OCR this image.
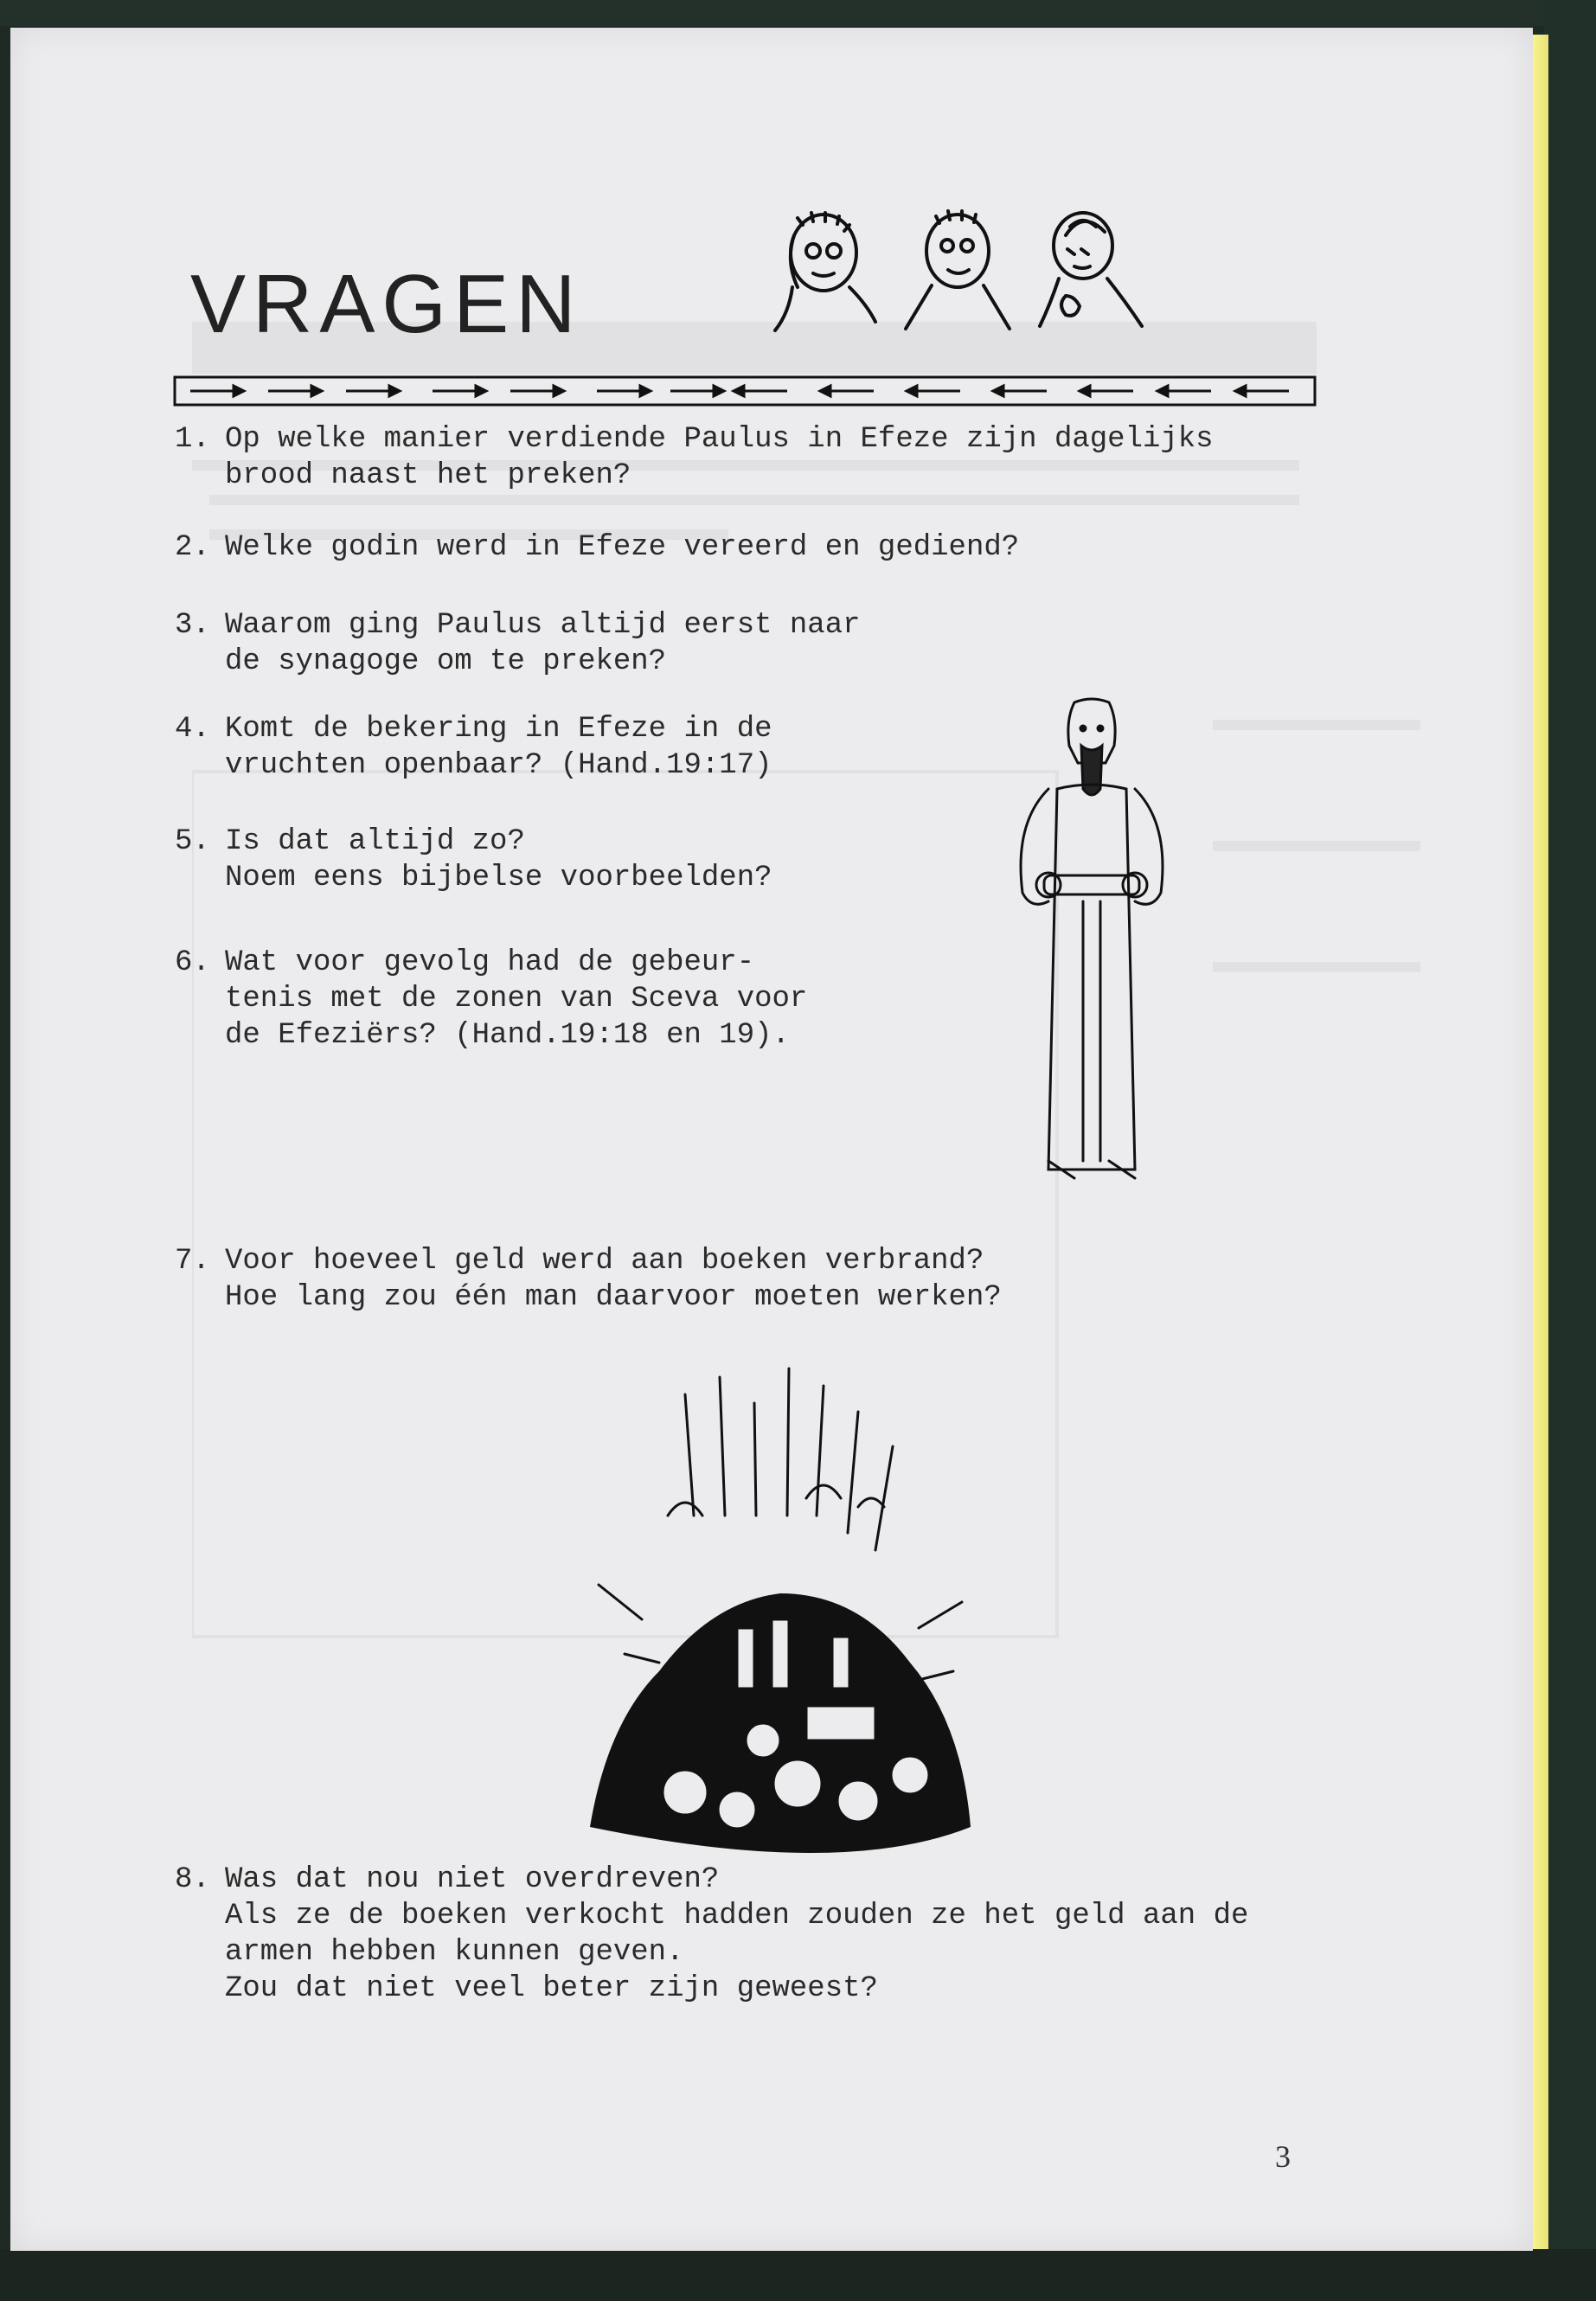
VRAGEN
1. Op welke manier verdiende Paulus in Efeze zijn dagelijks
brood naast het preken?
2. Welke godin werd in Efeze vereerd en gediend?
3. Waarom ging Paulus altijd eerst naar
de synagoge om te preken?
4. Komt de bekering in Efeze in de
vruchten openbaar? (Hand.19:17)
5. Is dat altijd zo?
Noem eens bijbelse voorbeelden?
6. Wat voor gevolg had de gebeur-
tenis met de zonen van Sceva voor
de Efeziërs? (Hand.19:18 en 19).
7. Voor hoeveel geld werd aan boeken verbrand?
Hoe lang zou één man daarvoor moeten werken?
8. Was dat nou niet overdreven?
Als ze de boeken verkocht hadden zouden ze het geld aan de
armen hebben kunnen geven.
Zou dat niet veel beter zijn geweest?
3
